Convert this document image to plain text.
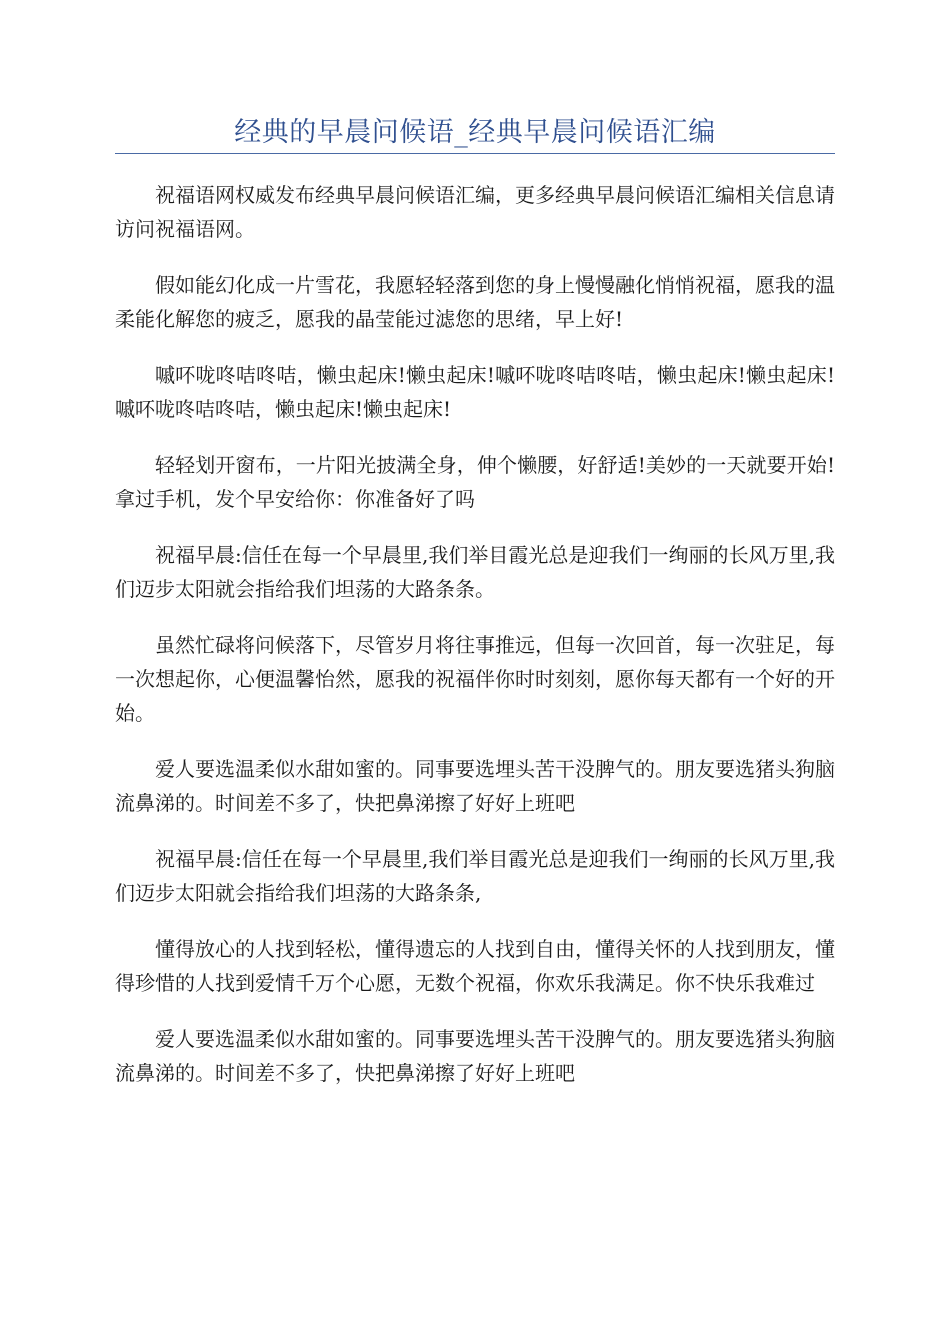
经典的早晨问候语_经典早晨问候语汇编

祝福语网权威发布经典早晨问候语汇编，更多经典早晨问候语汇编相关信息请访问祝福语网。

假如能幻化成一片雪花，我愿轻轻落到您的身上慢慢融化悄悄祝福，愿我的温柔能化解您的疲乏，愿我的晶莹能过滤您的思绪，早上好!

嘁吥咙咚咭咚咭，懒虫起床!懒虫起床!嘁吥咙咚咭咚咭，懒虫起床!懒虫起床!嘁吥咙咚咭咚咭，懒虫起床!懒虫起床!

轻轻划开窗布，一片阳光披满全身，伸个懒腰，好舒适!美妙的一天就要开始!拿过手机，发个早安给你：你准备好了吗

祝福早晨:信任在每一个早晨里,我们举目霞光总是迎我们一绚丽的长风万里,我们迈步太阳就会指给我们坦荡的大路条条。

虽然忙碌将问候落下，尽管岁月将往事推远，但每一次回首，每一次驻足，每一次想起你，心便温馨怡然，愿我的祝福伴你时时刻刻，愿你每天都有一个好的开始。

爱人要选温柔似水甜如蜜的。同事要选埋头苦干没脾气的。朋友要选猪头狗脑流鼻涕的。时间差不多了，快把鼻涕擦了好好上班吧

祝福早晨:信任在每一个早晨里,我们举目霞光总是迎我们一绚丽的长风万里,我们迈步太阳就会指给我们坦荡的大路条条,

懂得放心的人找到轻松，懂得遗忘的人找到自由，懂得关怀的人找到朋友，懂得珍惜的人找到爱情千万个心愿，无数个祝福，你欢乐我满足。你不快乐我难过

爱人要选温柔似水甜如蜜的。同事要选埋头苦干没脾气的。朋友要选猪头狗脑流鼻涕的。时间差不多了，快把鼻涕擦了好好上班吧
